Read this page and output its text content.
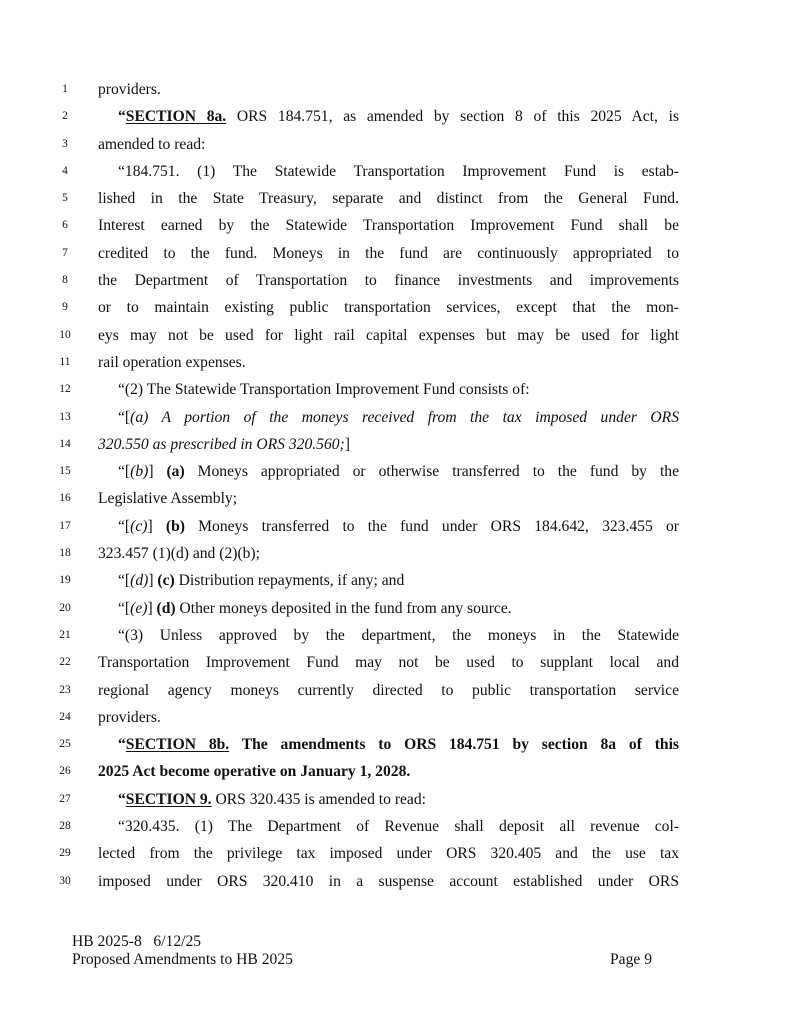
1	providers.
2	“SECTION 8a. ORS 184.751, as amended by section 8 of this 2025 Act, is
3	amended to read:
4	“184.751. (1) The Statewide Transportation Improvement Fund is estab-
5	lished in the State Treasury, separate and distinct from the General Fund.
6	Interest earned by the Statewide Transportation Improvement Fund shall be
7	credited to the fund. Moneys in the fund are continuously appropriated to
8	the Department of Transportation to finance investments and improvements
9	or to maintain existing public transportation services, except that the mon-
10	eys may not be used for light rail capital expenses but may be used for light
11	rail operation expenses.
12	“(2) The Statewide Transportation Improvement Fund consists of:
13	“[(a) A portion of the moneys received from the tax imposed under ORS
14	320.550 as prescribed in ORS 320.560;]
15	“[(b)] (a) Moneys appropriated or otherwise transferred to the fund by the
16	Legislative Assembly;
17	“[(c)] (b) Moneys transferred to the fund under ORS 184.642, 323.455 or
18	323.457 (1)(d) and (2)(b);
19	“[(d)] (c) Distribution repayments, if any; and
20	“[(e)] (d) Other moneys deposited in the fund from any source.
21	“(3) Unless approved by the department, the moneys in the Statewide
22	Transportation Improvement Fund may not be used to supplant local and
23	regional agency moneys currently directed to public transportation service
24	providers.
25	“SECTION 8b. The amendments to ORS 184.751 by section 8a of this
26	2025 Act become operative on January 1, 2028.
27	“SECTION 9. ORS 320.435 is amended to read:
28	“320.435. (1) The Department of Revenue shall deposit all revenue col-
29	lected from the privilege tax imposed under ORS 320.405 and the use tax
30	imposed under ORS 320.410 in a suspense account established under ORS
HB 2025-8   6/12/25
Proposed Amendments to HB 2025	Page 9
